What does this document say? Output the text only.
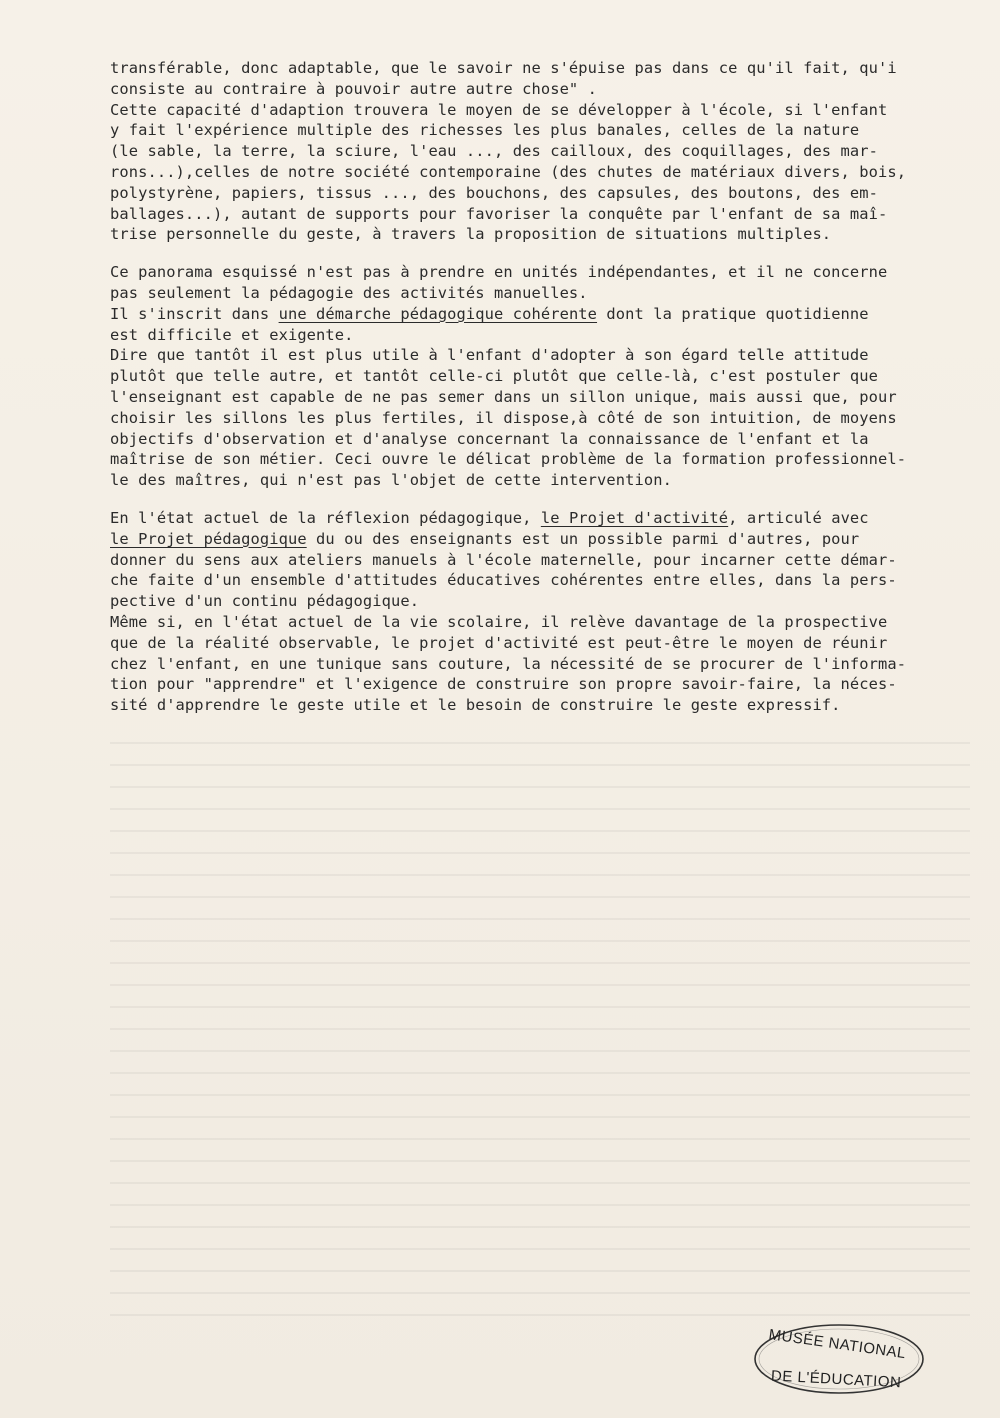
transférable, donc adaptable, que le savoir ne s'épuise pas dans ce qu'il fait, qu'i
consiste au contraire à pouvoir autre autre chose" .
Cette capacité d'adaption trouvera le moyen de se développer à l'école, si l'enfant
y fait l'expérience multiple des richesses les plus banales, celles de la nature
(le sable, la terre, la sciure, l'eau ..., des cailloux, des coquillages, des mar-
rons...),celles de notre société contemporaine (des chutes de matériaux divers, bois,
polystyrène, papiers, tissus ..., des bouchons, des capsules, des boutons, des em-
ballages...), autant de supports pour favoriser la conquête par l'enfant de sa maî-
trise personnelle du geste, à travers la proposition de situations multiples.
Ce panorama esquissé n'est pas à prendre en unités indépendantes, et il ne concerne
pas seulement la pédagogie des activités manuelles.
Il s'inscrit dans une démarche pédagogique cohérente dont la pratique quotidienne
est difficile et exigente.
Dire que tantôt il est plus utile à l'enfant d'adopter à son égard telle attitude
plutôt que telle autre, et tantôt celle-ci plutôt que celle-là, c'est postuler que
l'enseignant est capable de ne pas semer dans un sillon unique, mais aussi que, pour
choisir les sillons les plus fertiles, il dispose,à côté de son intuition, de moyens
objectifs d'observation et d'analyse concernant la connaissance de l'enfant et la
maîtrise de son métier. Ceci ouvre le délicat problème de la formation professionnel-
le des maîtres, qui n'est pas l'objet de cette intervention.
En l'état actuel de la réflexion pédagogique, le Projet d'activité, articulé avec
le Projet pédagogique du ou des enseignants est un possible parmi d'autres, pour
donner du sens aux ateliers manuels à l'école maternelle, pour incarner cette démar-
che faite d'un ensemble d'attitudes éducatives cohérentes entre elles, dans la pers-
pective d'un continu pédagogique.
Même si, en l'état actuel de la vie scolaire, il relève davantage de la prospective
que de la réalité observable, le projet d'activité est peut-être le moyen de réunir
chez l'enfant, en une tunique sans couture, la nécessité de se procurer de l'informa-
tion pour "apprendre" et l'exigence de construire son propre savoir-faire, la néces-
sité d'apprendre le geste utile et le besoin de construire le geste expressif.
MUSÉE NATIONAL
DE L'ÉDUCATION
